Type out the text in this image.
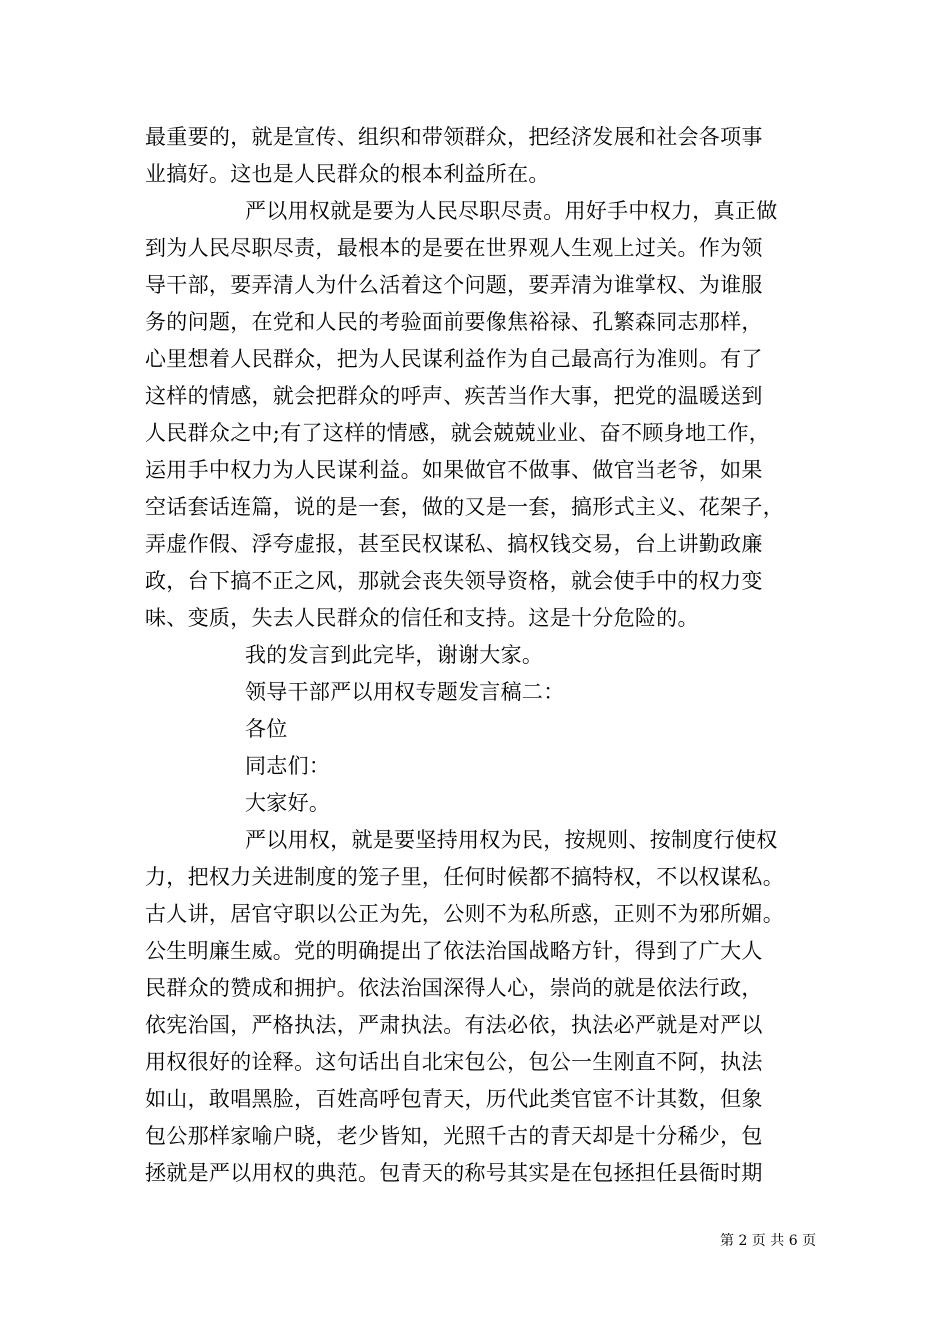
最重要的，就是宣传、组织和带领群众，把经济发展和社会各项事
业搞好。这也是人民群众的根本利益所在。
严以用权就是要为人民尽职尽责。用好手中权力，真正做
到为人民尽职尽责，最根本的是要在世界观人生观上过关。作为领
导干部，要弄清人为什么活着这个问题，要弄清为谁掌权、为谁服
务的问题，在党和人民的考验面前要像焦裕禄、孔繁森同志那样，
心里想着人民群众，把为人民谋利益作为自己最高行为准则。有了
这样的情感，就会把群众的呼声、疾苦当作大事，把党的温暖送到
人民群众之中;有了这样的情感，就会兢兢业业、奋不顾身地工作，
运用手中权力为人民谋利益。如果做官不做事、做官当老爷，如果
空话套话连篇，说的是一套，做的又是一套，搞形式主义、花架子，
弄虚作假、浮夸虚报，甚至民权谋私、搞权钱交易，台上讲勤政廉
政，台下搞不正之风，那就会丧失领导资格，就会使手中的权力变
味、变质，失去人民群众的信任和支持。这是十分危险的。
我的发言到此完毕，谢谢大家。
领导干部严以用权专题发言稿二：
各位
同志们：
大家好。
严以用权，就是要坚持用权为民，按规则、按制度行使权
力，把权力关进制度的笼子里，任何时候都不搞特权，不以权谋私。
古人讲，居官守职以公正为先，公则不为私所惑，正则不为邪所媚。
公生明廉生威。党的明确提出了依法治国战略方针，得到了广大人
民群众的赞成和拥护。依法治国深得人心，崇尚的就是依法行政，
依宪治国，严格执法，严肃执法。有法必依，执法必严就是对严以
用权很好的诠释。这句话出自北宋包公，包公一生刚直不阿，执法
如山，敢唱黑脸，百姓高呼包青天，历代此类官宦不计其数，但象
包公那样家喻户晓，老少皆知，光照千古的青天却是十分稀少，包
拯就是严以用权的典范。包青天的称号其实是在包拯担任县衙时期
第 2 页 共 6 页
